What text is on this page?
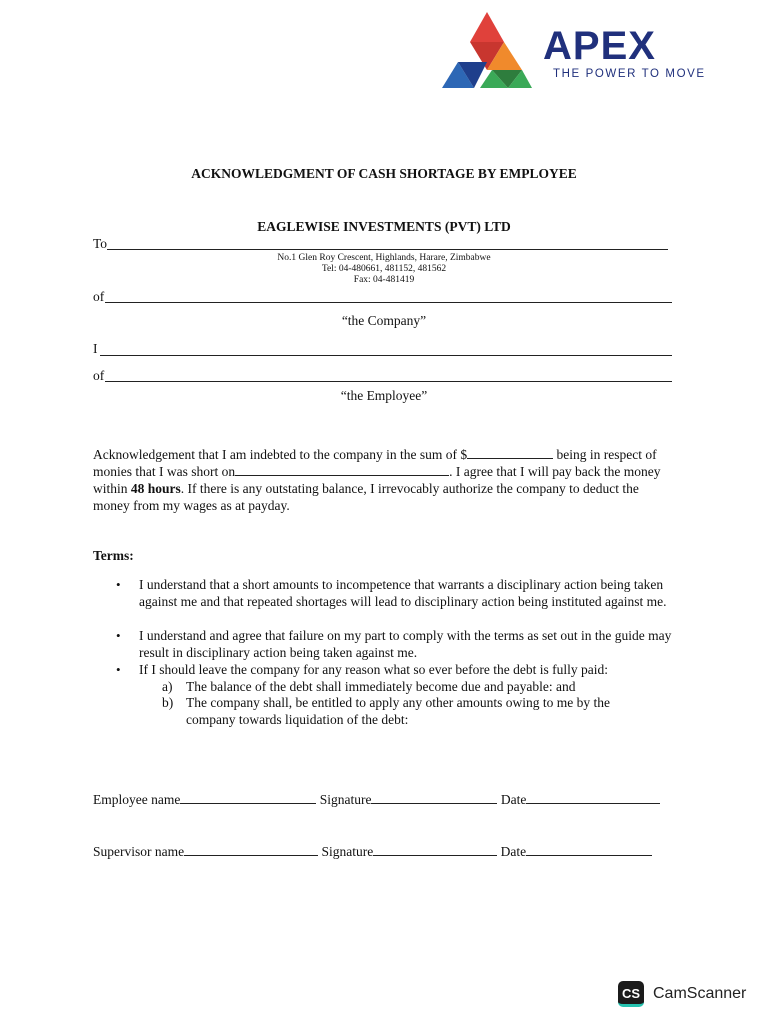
APEX
THE POWER TO MOVE
ACKNOWLEDGMENT OF CASH SHORTAGE BY EMPLOYEE
EAGLEWISE INVESTMENTS (PVT) LTD
To
No.1 Glen Roy Crescent, Highlands, Harare, Zimbabwe
Tel: 04-480661, 481152, 481562
Fax: 04-481419
of
“the Company”
I
of
“the Employee”
Acknowledgement that I am indebted to the company in the sum of $	being in respect of monies that I was short on	. I agree that I will pay back the money within 48 hours. If there is any outstating balance, I irrevocably authorize the company to deduct the money from my wages as at payday.
Terms:
• I understand that a short amounts to incompetence that warrants a disciplinary action being taken against me and that repeated shortages will lead to disciplinary action being instituted against me.
• I understand and agree that failure on my part to comply with the terms as set out in the guide may result in disciplinary action being taken against me.
• If I should leave the company for any reason what so ever before the debt is fully paid:
a) The balance of the debt shall immediately become due and payable: and
b) The company shall, be entitled to apply any other amounts owing to me by the company towards liquidation of the debt:
Employee name	Signature	Date
Supervisor name	Signature	Date
CS CamScanner
